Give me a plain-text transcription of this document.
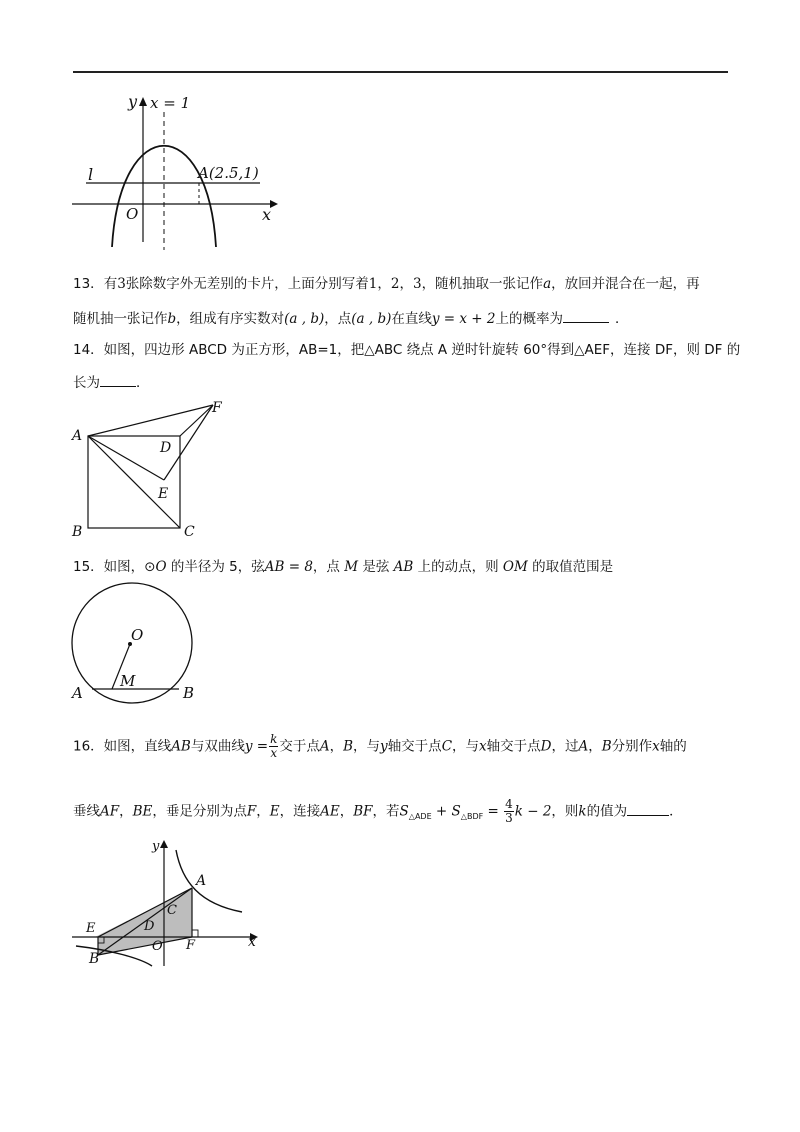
y x = 1
l
O	x
A(2.5,1)
13．有3张除数字外无差别的卡片，上面分别写着1，2，3，随机抽取一张记作a，放回并混合在一起，再
随机抽一张记作b，组成有序实数对(a , b)，点(a , b)在直线y = x + 2上的概率为	．
14．如图，四边形 ABCD 为正方形，AB=1，把△ABC 绕点 A 逆时针旋转 60°得到△AEF，连接 DF，则 DF 的
长为	．
A
B	C
D
E
F
15．如图，⊙O 的半径为 5，弦AB = 8，点 M 是弦 AB 上的动点，则 OM 的取值范围是
O
M
A	B
16．如图，直线AB与双曲线$y = \frac{k}{x}$ 交于点A，B，与y轴交于点C，与x轴交于点D，过A，B分别作x轴的
垂线AF，BE，垂足分别为点F，E，连接AE，BF，若$S_{\triangle ADE} + S_{\triangle BDF} = \frac{4}{3}$ k − 2，则k的值为	．
y
x
A
B
C
D
E
F
O
